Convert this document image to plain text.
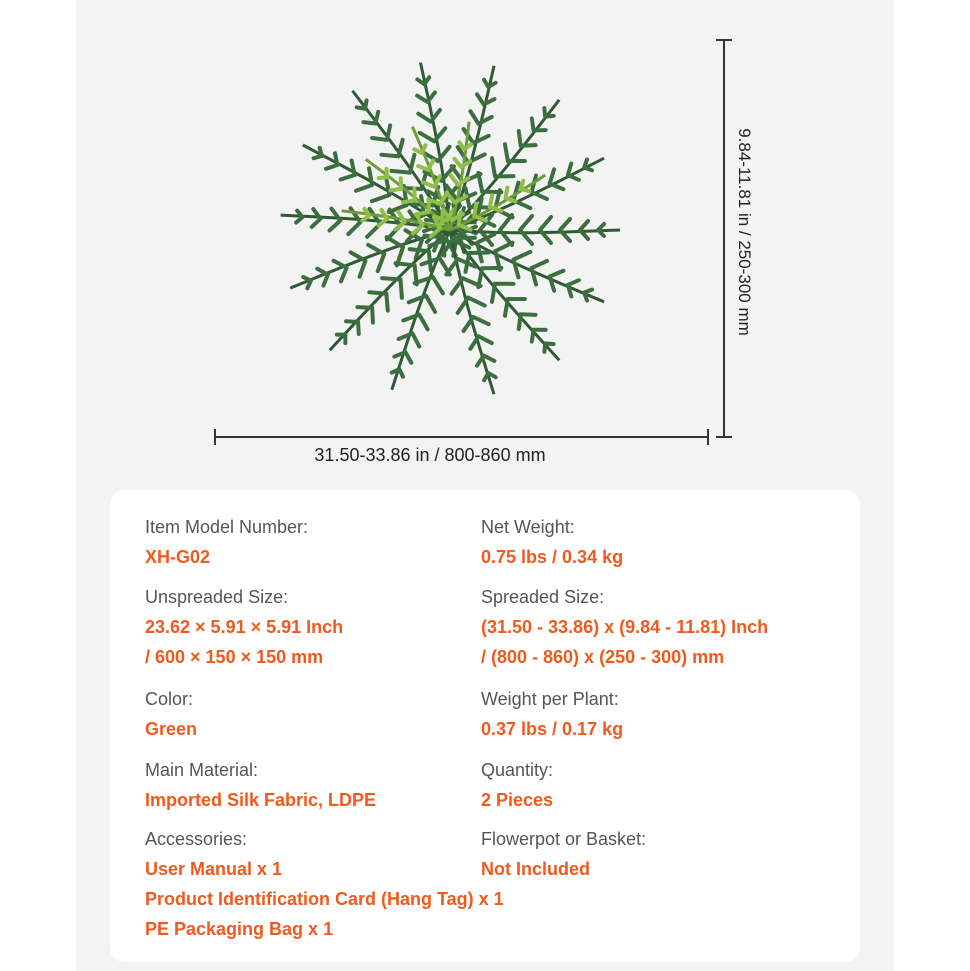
9.84-11.81 in / 250-300 mm
31.50-33.86 in / 800-860 mm
Item Model Number:
XH-G02
Net Weight:
0.75 lbs / 0.34 kg
Unspreaded Size:
23.62 × 5.91 × 5.91 Inch
/ 600 × 150 × 150 mm
Spreaded Size:
(31.50 - 33.86) x (9.84 - 11.81) Inch
/ (800 - 860) x (250 - 300) mm
Color:
Green
Weight per Plant:
0.37 lbs / 0.17 kg
Main Material:
Imported Silk Fabric, LDPE
Quantity:
2 Pieces
Accessories:
User Manual x 1
Product Identification Card (Hang Tag) x 1
PE Packaging Bag x 1
Flowerpot or Basket:
Not Included
